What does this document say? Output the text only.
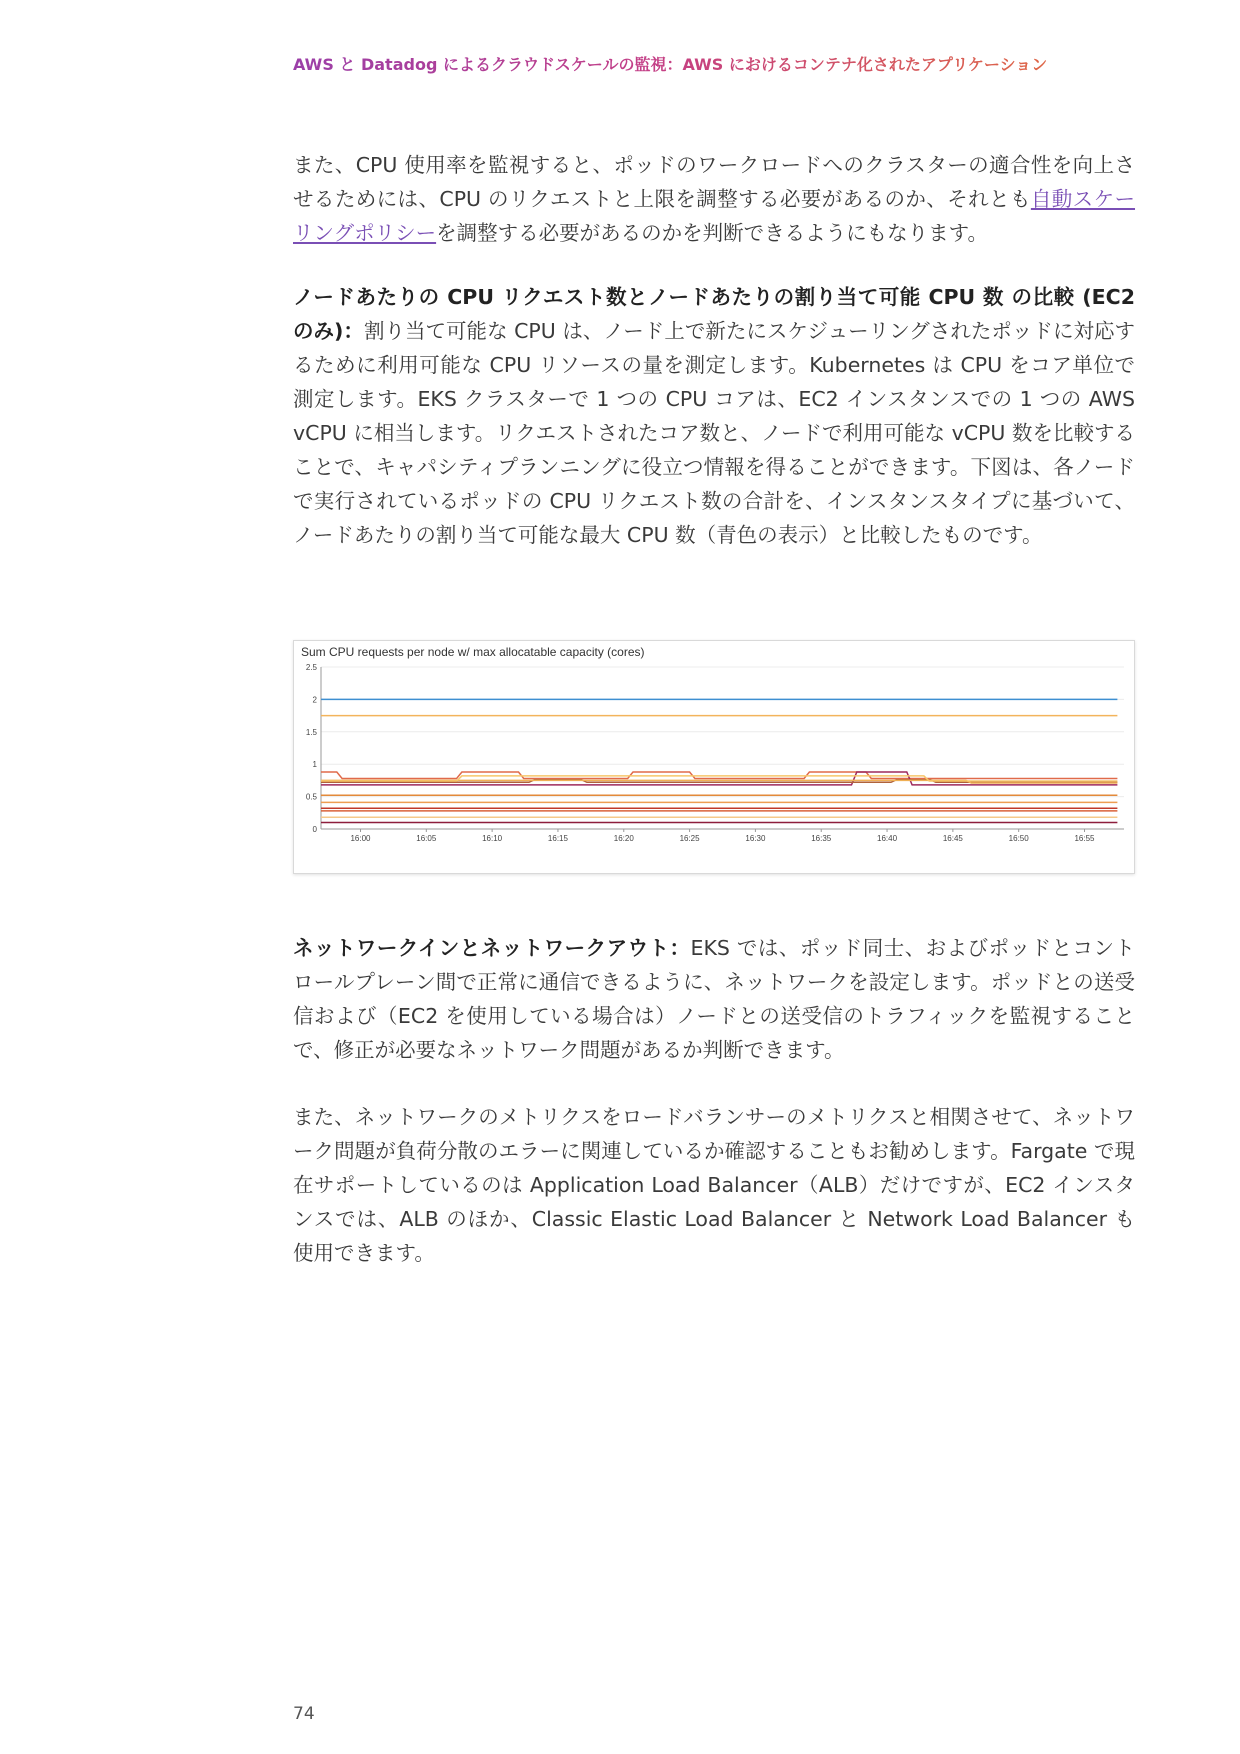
AWS と Datadog によるクラウドスケールの監視：AWS におけるコンテナ化されたアプリケーション

また、CPU 使用率を監視すると、ポッドのワークロードへのクラスターの適合性を向上させるためには、CPU のリクエストと上限を調整する必要があるのか、それとも自動スケーリングポリシーを調整する必要があるのかを判断できるようにもなります。

ノードあたりの CPU リクエスト数とノードあたりの割り当て可能 CPU 数 の比較 (EC2 のみ)：割り当て可能な CPU は、ノード上で新たにスケジューリングされたポッドに対応するために利用可能な CPU リソースの量を測定します。Kubernetes は CPU をコア単位で測定します。EKS クラスターで 1 つの CPU コアは、EC2 インスタンスでの 1 つの AWS vCPU に相当します。リクエストされたコア数と、ノードで利用可能な vCPU 数を比較することで、キャパシティプランニングに役立つ情報を得ることができます。下図は、各ノードで実行されているポッドの CPU リクエスト数の合計を、インスタンスタイプに基づいて、ノードあたりの割り当て可能な最大 CPU 数（青色の表示）と比較したものです。

Sum CPU requests per node w/ max allocatable capacity (cores)
0
0.5
1
1.5
2
2.5
16:00	16:05	16:10	16:15	16:20	16:25	16:30	16:35	16:40	16:45	16:50	16:55

ネットワークインとネットワークアウト：EKS では、ポッド同士、およびポッドとコントロールプレーン間で正常に通信できるように、ネットワークを設定します。ポッドとの送受信および（EC2 を使用している場合は）ノードとの送受信のトラフィックを監視することで、修正が必要なネットワーク問題があるか判断できます。

また、ネットワークのメトリクスをロードバランサーのメトリクスと相関させて、ネットワーク問題が負荷分散のエラーに関連しているか確認することもお勧めします。Fargate で現在サポートしているのは Application Load Balancer（ALB）だけですが、EC2 インスタンスでは、ALB のほか、Classic Elastic Load Balancer と Network Load Balancer も使用できます。

74
